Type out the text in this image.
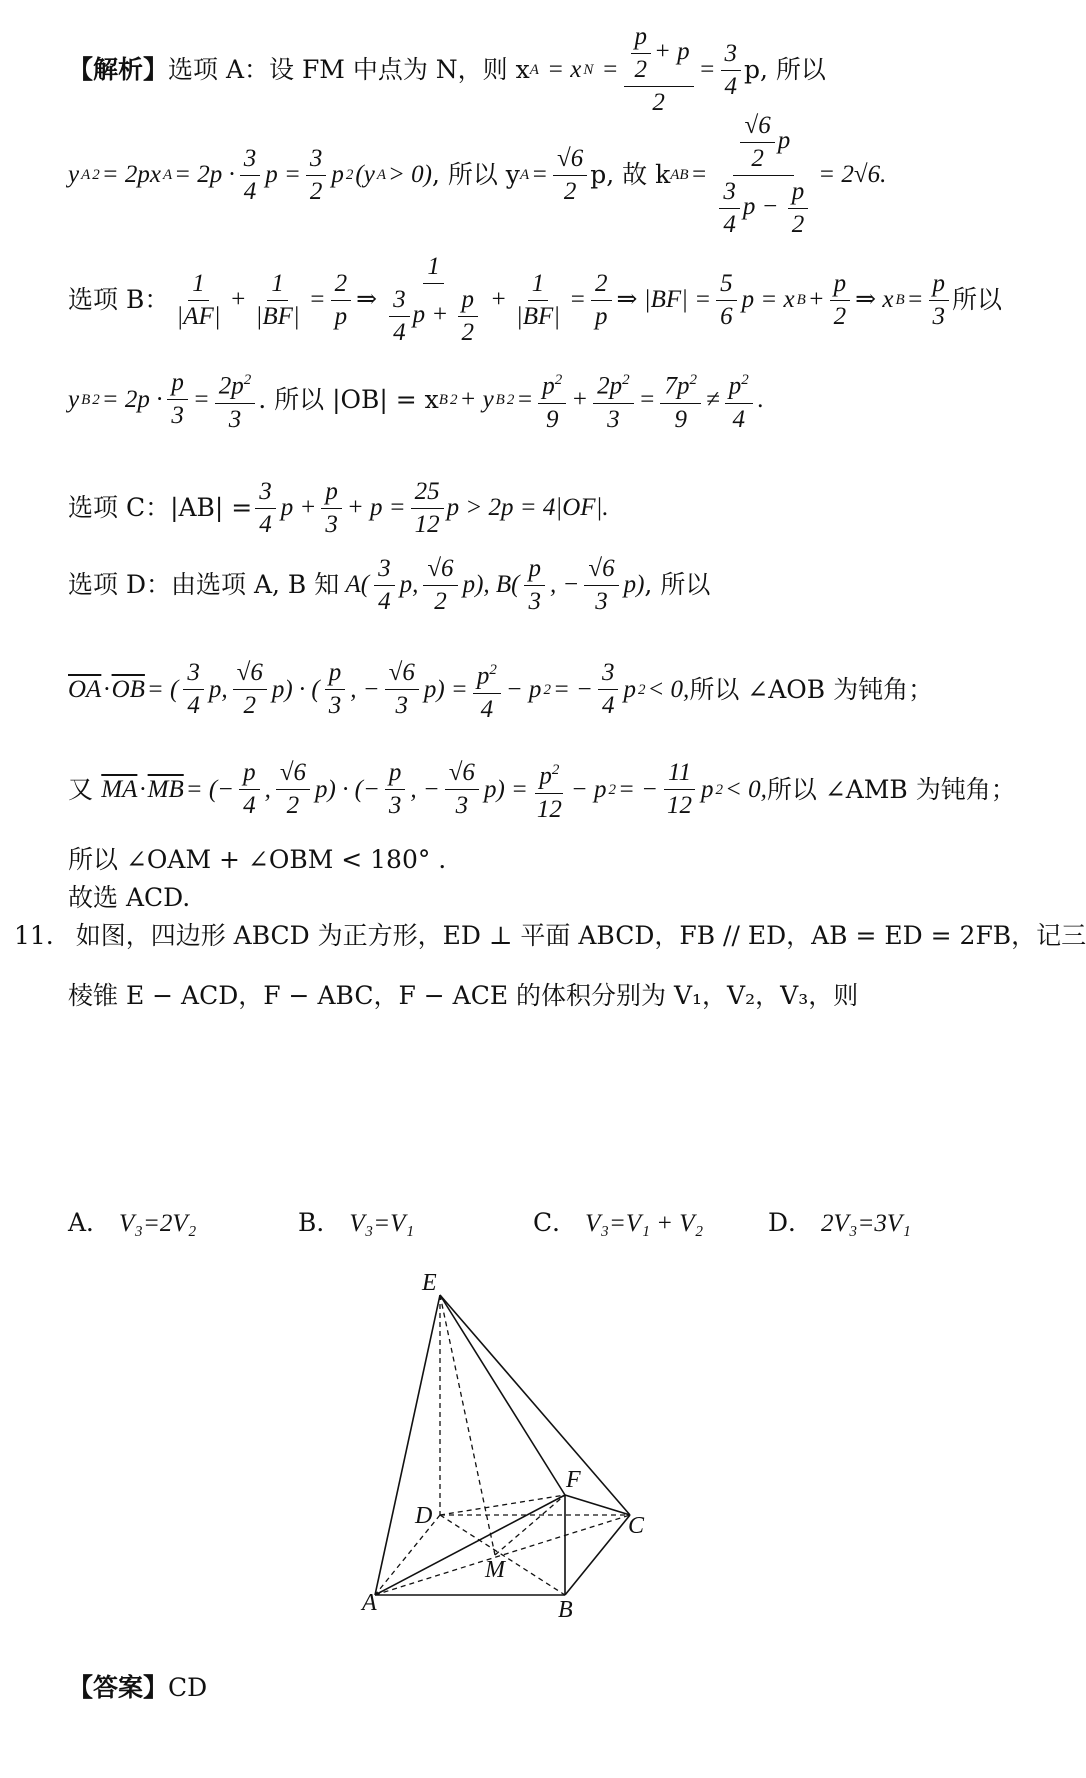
【解析】 选项 A：设 FM 中点为 N，则 x A = x $N = \frac{\frac{p}{2} + p}{2} = \frac{3}{4} p$, 所以
y A 2 = 2px $A = 2p \cdot \frac{3}{4}$ $p = \frac{3}{2}$ p 2 (y A > 0) , 所以 y $A = \frac{√6}{2} p$, 故 k AB = $\frac{\frac{√6}{2} p}{\frac{3}{4} p - \frac{p}{2}} = 2√6$.
选项 B： $\frac{1}{|AF|} + \frac{1}{|BF|} = \frac{2}{p}$ ⇒ $\frac{1}{\frac{3}{4} p + \frac{p}{2}} + \frac{1}{|BF|} = \frac{2}{p}$ ⇒ $|BF| = \frac{5}{6}$ p = x $B + \frac{p}{2}$ ⇒ x $B = \frac{p}{3}$ 所以
y B $2 = 2p \cdot \frac{p}{3} = \frac{2p^2}{3}$ . 所以 |OB| = x B 2 + y B $2 = \frac{p^2}{9} + \frac{2p^2}{3} = \frac{7p^2}{9} \ne \frac{p^2}{4}$ .
选项 C：$|AB| = \frac{3}{4}$ $p + \frac{p}{3} + p = \frac{25}{12}$ p > 2p = 4|OF|.
选项 D：由选项 A, B 知 $A( \frac{3}{4} p$, $\frac{√6}{2} p$), $B( \frac{p}{3}$ , − $\frac{√6}{3} p$) , 所以
$\overline{OA} \cdot \overline{OB}$ = ( $\frac{3}{4} p$, $\frac{√6}{2} p$) · ( $\frac{p}{3}$ , − $\frac{√6}{3} p) = \frac{p^2}{4} - p$ 2 = − $\frac{3}{4}$ p 2 < 0, 所以 ∠AOB 为钝角；
又
$\overline{MA} \cdot \overline{MB}$ = (− $\frac{p}{4}$ , $\frac{√6}{2} p$) · (− $\frac{p}{3}$ , − $\frac{√6}{3} p) = \frac{p^2}{12} - p$ 2 = − $\frac{11}{12}$ p 2 < 0, 所以 ∠AMB 为钝角；
所以 ∠OAM + ∠OBM < 180° .
故选 ACD.
11. 如图，四边形 ABCD 为正方形，ED ⊥ 平面 ABCD，FB // ED，AB = ED = 2FB，记三
棱锥 E − ACD，F − ABC，F − ACE 的体积分别为 V₁，V₂，V₃，则
A． V₃=2V₂	B． V₃=V₁	C． V₃=V₁ + V₂	D． 2V₃=3V₁
E
F
D	C
M
A	B
【答案】CD
